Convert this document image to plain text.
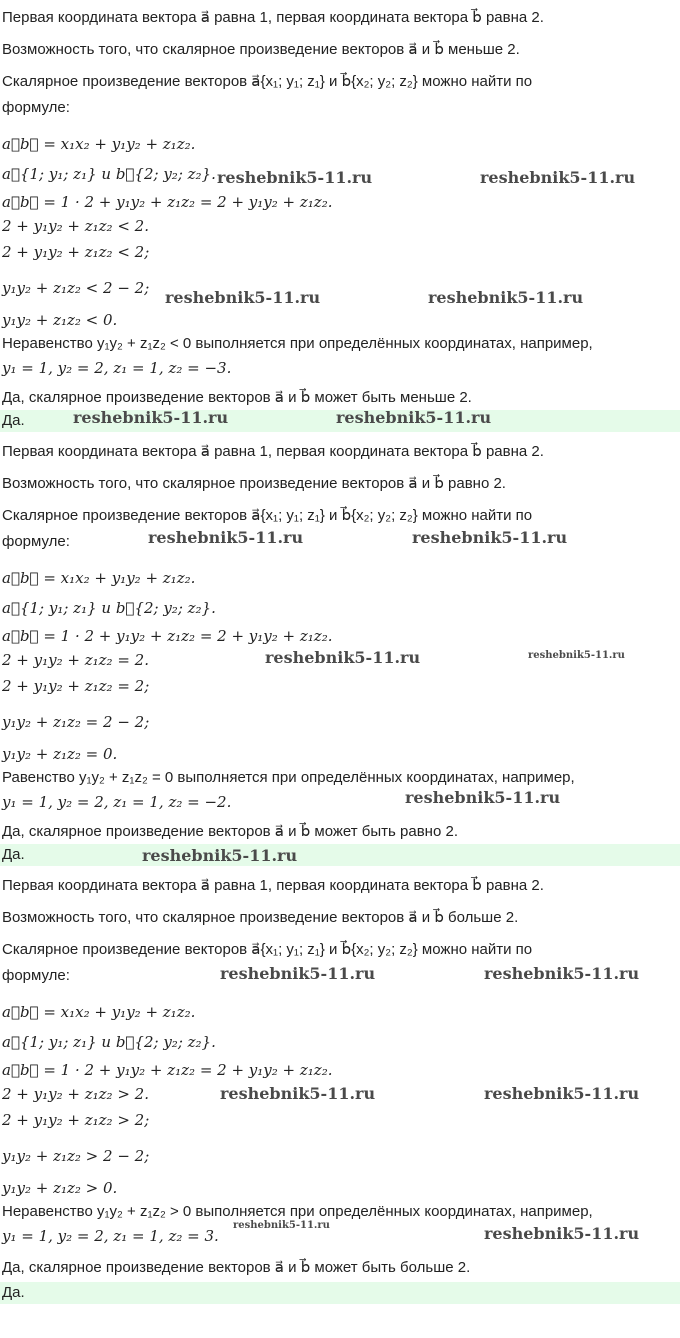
Первая координата вектора a⃗ равна 1, первая координата вектора b⃗ равна 2.
Возможность того, что скалярное произведение векторов a⃗ и b⃗ меньше 2.
Скалярное произведение векторов a⃗{x₁; y₁; z₁} и b⃗{x₂; y₂; z₂} можно найти по
формуле:
a⃗b⃗ = x₁x₂ + y₁y₂ + z₁z₂.
a⃗{1; y₁; z₁} и b⃗{2; y₂; z₂}.
a⃗b⃗ = 1 · 2 + y₁y₂ + z₁z₂ = 2 + y₁y₂ + z₁z₂.
2 + y₁y₂ + z₁z₂ < 2.
2 + y₁y₂ + z₁z₂ < 2;
y₁y₂ + z₁z₂ < 2 − 2;
y₁y₂ + z₁z₂ < 0.
Неравенство y₁y₂ + z₁z₂ < 0 выполняется при определённых координатах, например,
y₁ = 1, y₂ = 2, z₁ = 1, z₂ = −3.
Да, скалярное произведение векторов a⃗ и b⃗ может быть меньше 2.
Да.
Первая координата вектора a⃗ равна 1, первая координата вектора b⃗ равна 2.
Возможность того, что скалярное произведение векторов a⃗ и b⃗ равно 2.
Скалярное произведение векторов a⃗{x₁; y₁; z₁} и b⃗{x₂; y₂; z₂} можно найти по
формуле:
a⃗b⃗ = x₁x₂ + y₁y₂ + z₁z₂.
a⃗{1; y₁; z₁} и b⃗{2; y₂; z₂}.
a⃗b⃗ = 1 · 2 + y₁y₂ + z₁z₂ = 2 + y₁y₂ + z₁z₂.
2 + y₁y₂ + z₁z₂ = 2.
2 + y₁y₂ + z₁z₂ = 2;
y₁y₂ + z₁z₂ = 2 − 2;
y₁y₂ + z₁z₂ = 0.
Равенство y₁y₂ + z₁z₂ = 0 выполняется при определённых координатах, например,
y₁ = 1, y₂ = 2, z₁ = 1, z₂ = −2.
Да, скалярное произведение векторов a⃗ и b⃗ может быть равно 2.
Да.
Первая координата вектора a⃗ равна 1, первая координата вектора b⃗ равна 2.
Возможность того, что скалярное произведение векторов a⃗ и b⃗ больше 2.
Скалярное произведение векторов a⃗{x₁; y₁; z₁} и b⃗{x₂; y₂; z₂} можно найти по
формуле:
a⃗b⃗ = x₁x₂ + y₁y₂ + z₁z₂.
a⃗{1; y₁; z₁} и b⃗{2; y₂; z₂}.
a⃗b⃗ = 1 · 2 + y₁y₂ + z₁z₂ = 2 + y₁y₂ + z₁z₂.
2 + y₁y₂ + z₁z₂ > 2.
2 + y₁y₂ + z₁z₂ > 2;
y₁y₂ + z₁z₂ > 2 − 2;
y₁y₂ + z₁z₂ > 0.
Неравенство y₁y₂ + z₁z₂ > 0 выполняется при определённых координатах, например,
y₁ = 1, y₂ = 2, z₁ = 1, z₂ = 3.
Да, скалярное произведение векторов a⃗ и b⃗ может быть больше 2.
Да.
reshebnik5-11.ru	reshebnik5-11.ru
reshebnik5-11.ru	reshebnik5-11.ru
reshebnik5-11.ru	reshebnik5-11.ru
reshebnik5-11.ru	reshebnik5-11.ru
reshebnik5-11.ru	reshebnik5-11.ru
reshebnik5-11.ru
reshebnik5-11.ru
reshebnik5-11.ru	reshebnik5-11.ru
reshebnik5-11.ru	reshebnik5-11.ru
reshebnik5-11.ru	reshebnik5-11.ru
